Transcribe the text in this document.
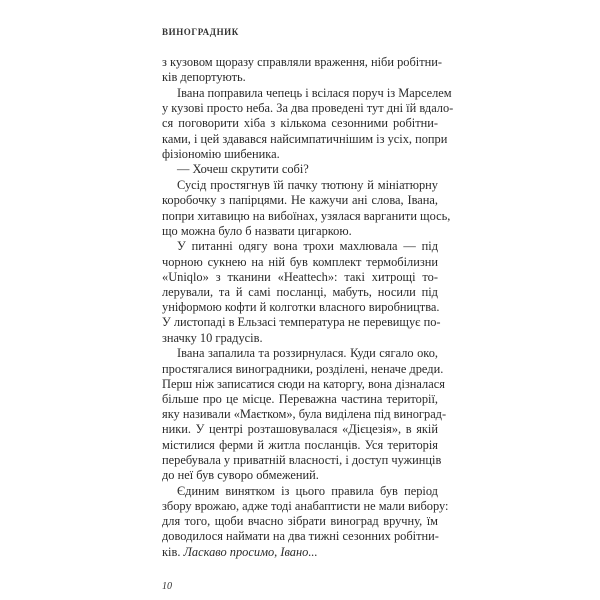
ВИНОГРАДНИК
з кузовом щоразу справляли враження, ніби робітни-
ків депортують.
Івана поправила чепець і всілася поруч із Марселем
у кузові просто неба. За два проведені тут дні їй вдало-
ся поговорити хіба з кількома сезонними робітни-
ками, і цей здавався найсимпатичнішим із усіх, попри
фізіономію шибеника.
— Хочеш скрутити собі?
Сусід простягнув їй пачку тютюну й мініатюрну
коробочку з папірцями. Не кажучи ані слова, Івана,
попри хитавицю на вибоїнах, узялася варганити щось,
що можна було б назвати цигаркою.
У питанні одягу вона трохи махлювала — під
чорною сукнею на ній був комплект термобілизни
«Uniqlo» з тканини «Heattech»: такі хитрощі то-
лерували, та й самі посланці, мабуть, носили під
уніформою кофти й колготки власного виробництва.
У листопаді в Ельзасі температура не перевищує по-
значку 10 градусів.
Івана запалила та роззирнулася. Куди сягало око,
простягалися виноградники, розділені, неначе дреди.
Перш ніж записатися сюди на каторгу, вона дізналася
більше про це місце. Переважна частина території,
яку називали «Маєтком», була виділена під виноград-
ники. У центрі розташовувалася «Дієцезія», в якій
містилися ферми й житла посланців. Уся територія
перебувала у приватній власності, і доступ чужинців
до неї був суворо обмежений.
Єдиним винятком із цього правила був період
збору врожаю, адже тоді анабаптисти не мали вибору:
для того, щоби вчасно зібрати виноград вручну, їм
доводилося наймати на два тижні сезонних робітни-
ків. Ласкаво просимо, Івано...
10
